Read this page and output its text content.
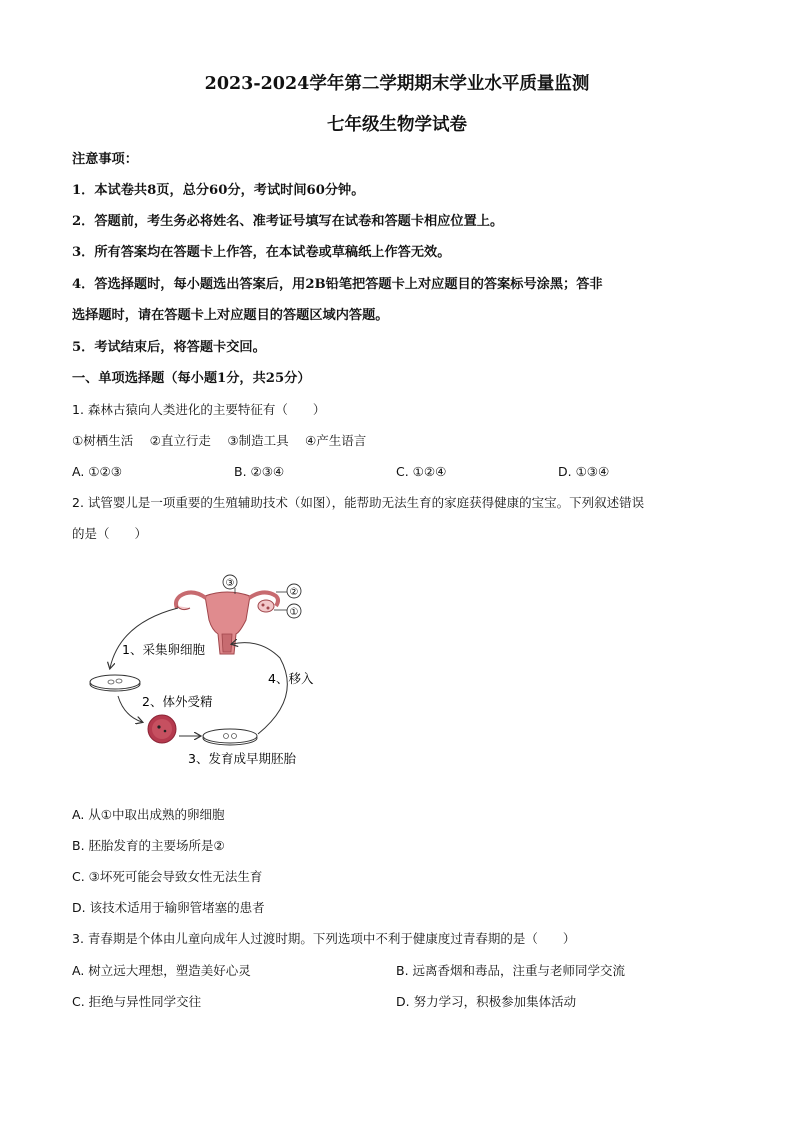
2023-2024学年第二学期期末学业水平质量监测
七年级生物学试卷
注意事项：
1．本试卷共8页，总分60分，考试时间60分钟。
2．答题前，考生务必将姓名、准考证号填写在试卷和答题卡相应位置上。
3．所有答案均在答题卡上作答，在本试卷或草稿纸上作答无效。
4．答选择题时，每小题选出答案后，用2B铅笔把答题卡上对应题目的答案标号涂黑；答非
选择题时，请在答题卡上对应题目的答题区域内答题。
5．考试结束后，将答题卡交回。
一、单项选择题（每小题1分，共25分）
1. 森林古猿向人类进化的主要特征有（　　）
①树栖生活　 ②直立行走　 ③制造工具　 ④产生语言
A. ①②③	B. ②③④	C. ①②④	D. ①③④
2. 试管婴儿是一项重要的生殖辅助技术（如图），能帮助无法生育的家庭获得健康的宝宝。下列叙述错误
的是（　　）
③
②
①
1、采集卵细胞
2、体外受精
3、发育成早期胚胎
4、移入
A. 从①中取出成熟的卵细胞
B. 胚胎发育的主要场所是②
C. ③坏死可能会导致女性无法生育
D. 该技术适用于输卵管堵塞的患者
3. 青春期是个体由儿童向成年人过渡时期。下列选项中不利于健康度过青春期的是（　　）
A. 树立远大理想，塑造美好心灵	B. 远离香烟和毒品，注重与老师同学交流
C. 拒绝与异性同学交往	D. 努力学习，积极参加集体活动
